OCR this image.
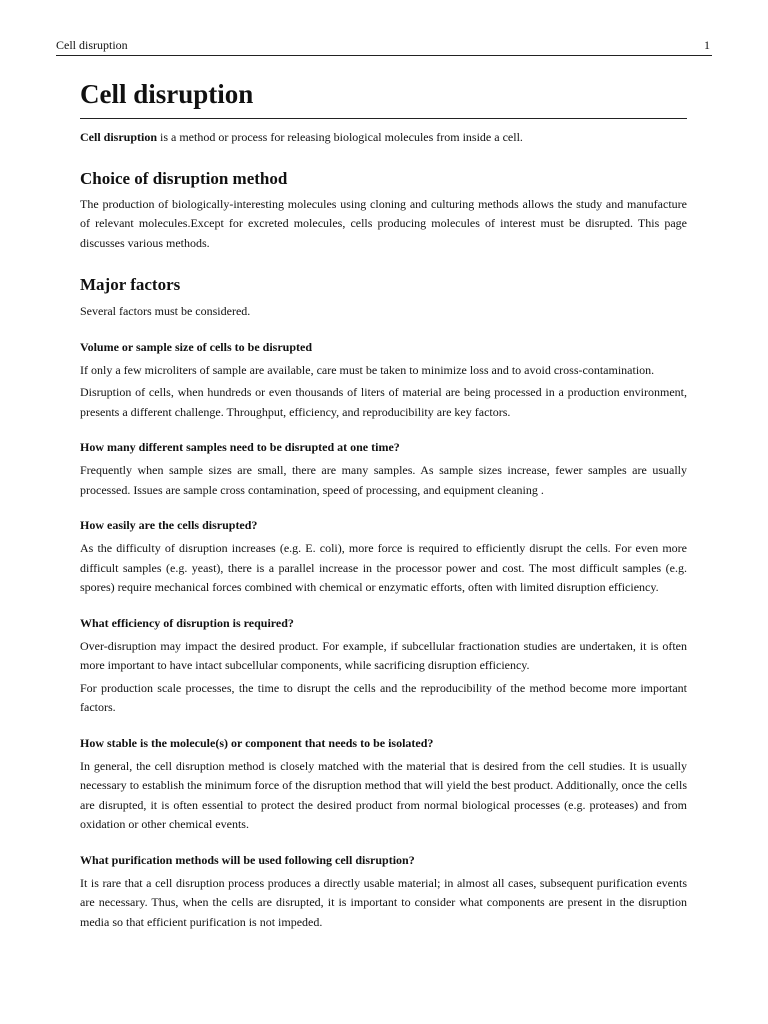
Cell disruption	1
Cell disruption

Cell disruption is a method or process for releasing biological molecules from inside a cell.

Choice of disruption method

The production of biologically-interesting molecules using cloning and culturing methods allows the study and manufacture of relevant molecules.Except for excreted molecules, cells producing molecules of interest must be disrupted. This page discusses various methods.

Major factors

Several factors must be considered.

Volume or sample size of cells to be disrupted

If only a few microliters of sample are available, care must be taken to minimize loss and to avoid cross-contamination.

Disruption of cells, when hundreds or even thousands of liters of material are being processed in a production environment, presents a different challenge. Throughput, efficiency, and reproducibility are key factors.

How many different samples need to be disrupted at one time?

Frequently when sample sizes are small, there are many samples. As sample sizes increase, fewer samples are usually processed. Issues are sample cross contamination, speed of processing, and equipment cleaning .

How easily are the cells disrupted?

As the difficulty of disruption increases (e.g. E. coli), more force is required to efficiently disrupt the cells. For even more difficult samples (e.g. yeast), there is a parallel increase in the processor power and cost. The most difficult samples (e.g. spores) require mechanical forces combined with chemical or enzymatic efforts, often with limited disruption efficiency.

What efficiency of disruption is required?

Over-disruption may impact the desired product. For example, if subcellular fractionation studies are undertaken, it is often more important to have intact subcellular components, while sacrificing disruption efficiency.

For production scale processes, the time to disrupt the cells and the reproducibility of the method become more important factors.

How stable is the molecule(s) or component that needs to be isolated?

In general, the cell disruption method is closely matched with the material that is desired from the cell studies. It is usually necessary to establish the minimum force of the disruption method that will yield the best product. Additionally, once the cells are disrupted, it is often essential to protect the desired product from normal biological processes (e.g. proteases) and from oxidation or other chemical events.

What purification methods will be used following cell disruption?

It is rare that a cell disruption process produces a directly usable material; in almost all cases, subsequent purification events are necessary. Thus, when the cells are disrupted, it is important to consider what components are present in the disruption media so that efficient purification is not impeded.
